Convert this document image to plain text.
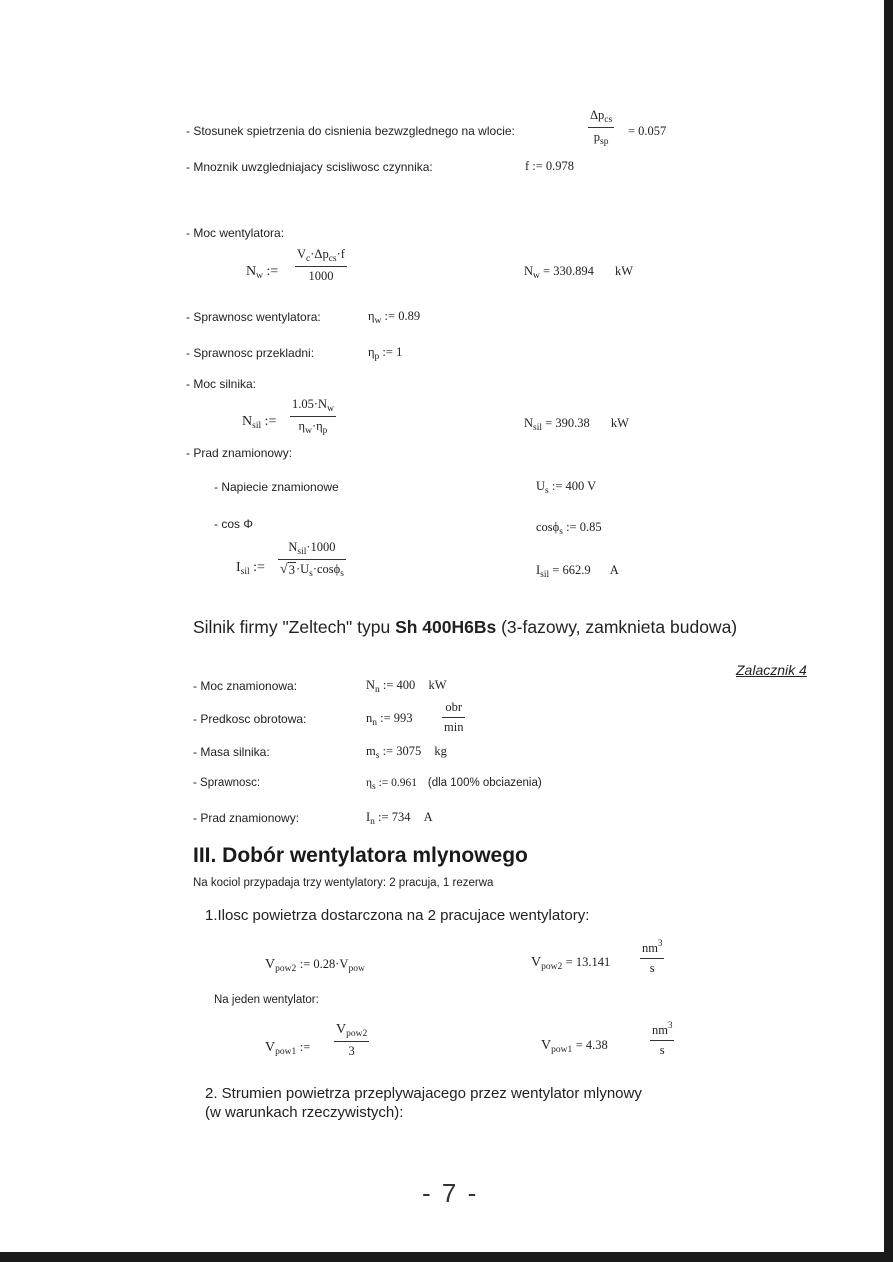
- Stosunek spietrzenia do cisnienia bezwzglednego na wlocie:
$\Delta p_{cs}$
$p_{sp}$
= 0.057
- Mnoznik uwzgledniajacy scisliwosc czynnika:	f := 0.978
- Moc wentylatora:
$N_w$ :=
$V_c\cdot\Delta p_{cs}\cdot f$
1000	$N_w = 330.894$ kW
- Sprawnosc wentylatora:	$\eta_w$ := 0.89
- Sprawnosc przekladni:	$\eta_p$ := 1
- Moc silnika:
$N_{sil}$ :=
$1.05\cdot N_w$
$\eta_w\cdot\eta_p$
$N_{sil} = 390.38$ kW
- Prad znamionowy:
- Napiecie znamionowe	$U_s$ := 400 V
- cos Φ	cosϕ$_s$ := 0.85
$I_{sil}$ :=
$N_{sil}\cdot 1000$
√ $3 \cdot U_s\cdot\cos\phi_s$	$I_{sil} = 662.9$ A
Silnik firmy "Zeltech" typu Sh 400H6Bs (3-fazowy, zamknieta budowa)
Zalacznik 4
- Moc znamionowa:	$N_n$ := 400 kW
- Predkosc obrotowa:	$n_n$ := 993
obr
min
- Masa silnika:	$m_s$ := 3075 kg
- Sprawnosc:	$\eta_s$ := 0.961 (dla 100% obciazenia)
- Prad znamionowy:	$I_n$ := 734 A
III. Dobór wentylatora mlynowego
Na kociol przypadaja trzy wentylatory: 2 pracuja, 1 rezerwa
1.Ilosc powietrza dostarczona na 2 pracujace wentylatory:
$V_{pow2}$ := $0.28\cdot V_{pow}$	$V_{pow2} = 13.141$
$nm^3$
s
Na jeden wentylator:
$V_{pow1}$ :=
$V_{pow2}$
3	$V_{pow1} = 4.38$
$nm^3$
s
2. Strumien powietrza przeplywajacego przez wentylator mlynowy
(w warunkach rzeczywistych):
- 7 -
